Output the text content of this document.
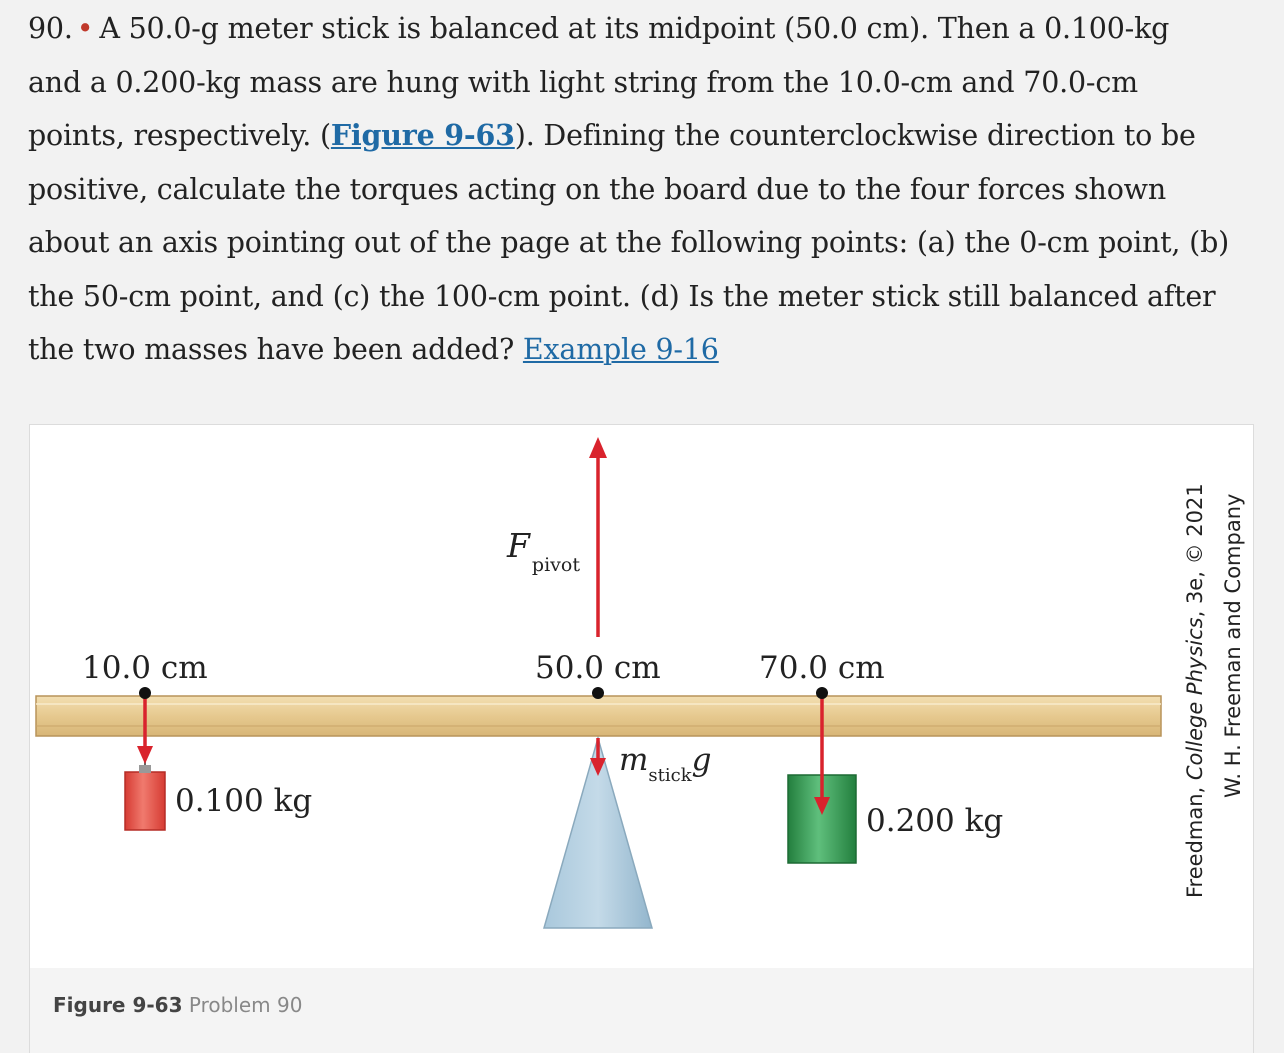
90. • A 50.0-g meter stick is balanced at its midpoint (50.0 cm). Then a 0.100-kg
and a 0.200-kg mass are hung with light string from the 10.0-cm and 70.0-cm
points, respectively. (Figure 9-63). Defining the counterclockwise direction to be
positive, calculate the torques acting on the board due to the four forces shown
about an axis pointing out of the page at the following points: (a) the 0-cm point, (b)
the 50-cm point, and (c) the 100-cm point. (d) Is the meter stick still balanced after
the two masses have been added? Example 9-16
10.0 cm	50.0 cm	70.0 cm
0.100 kg
0.200 kg
Fpivot
mstickg
Freedman, College Physics, 3e, © 2021 W. H. Freeman and Company
Figure 9-63 Problem 90
